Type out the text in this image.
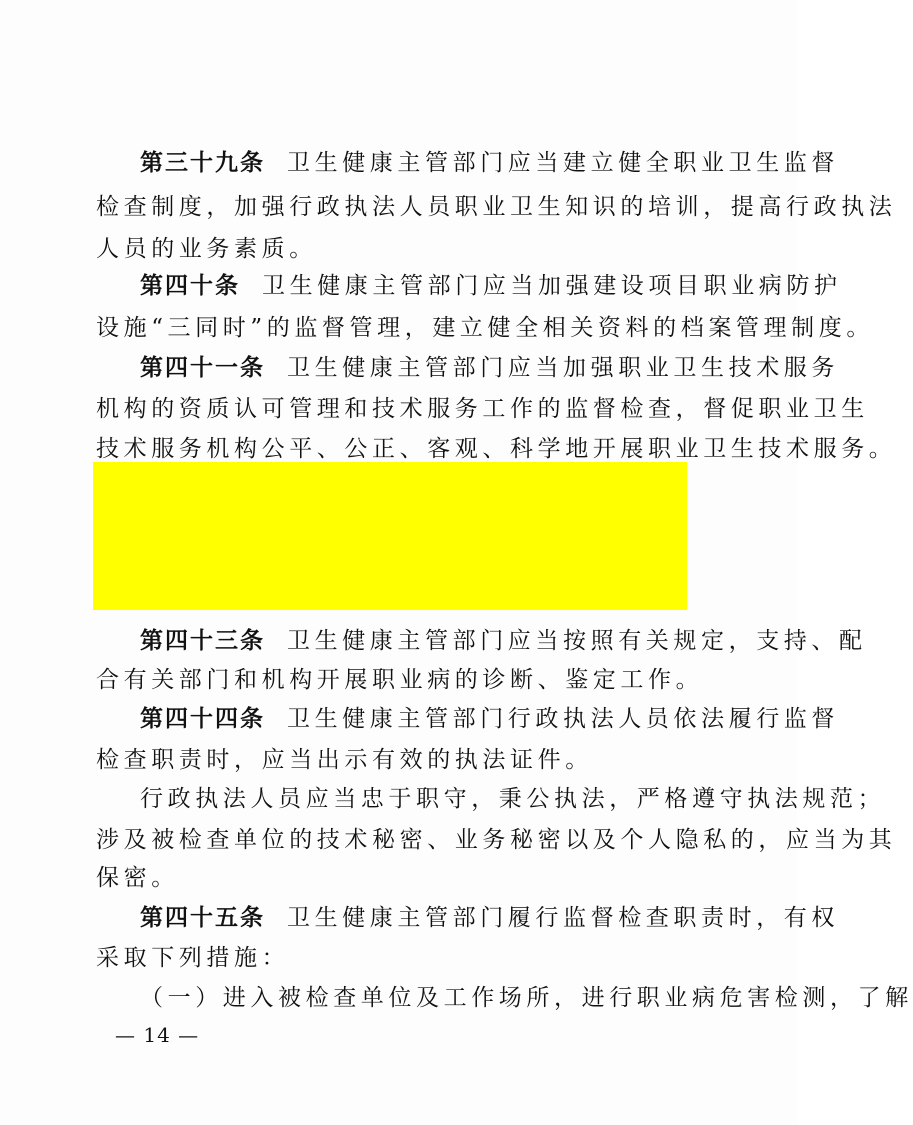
第三十九条 卫生健康主管部门应当建立健全职业卫生监督
检查制度，加强行政执法人员职业卫生知识的培训，提高行政执法
人员的业务素质。
第四十条 卫生健康主管部门应当加强建设项目职业病防护
设施“三同时”的监督管理，建立健全相关资料的档案管理制度。
第四十一条 卫生健康主管部门应当加强职业卫生技术服务
机构的资质认可管理和技术服务工作的监督检查，督促职业卫生
技术服务机构公平、公正、客观、科学地开展职业卫生技术服务。
第四十三条 卫生健康主管部门应当按照有关规定，支持、配
合有关部门和机构开展职业病的诊断、鉴定工作。
第四十四条 卫生健康主管部门行政执法人员依法履行监督
检查职责时，应当出示有效的执法证件。
行政执法人员应当忠于职守，秉公执法，严格遵守执法规范；
涉及被检查单位的技术秘密、业务秘密以及个人隐私的，应当为其
保密。
第四十五条 卫生健康主管部门履行监督检查职责时，有权
采取下列措施：
（一）进入被检查单位及工作场所，进行职业病危害检测，了解
— 14 —
